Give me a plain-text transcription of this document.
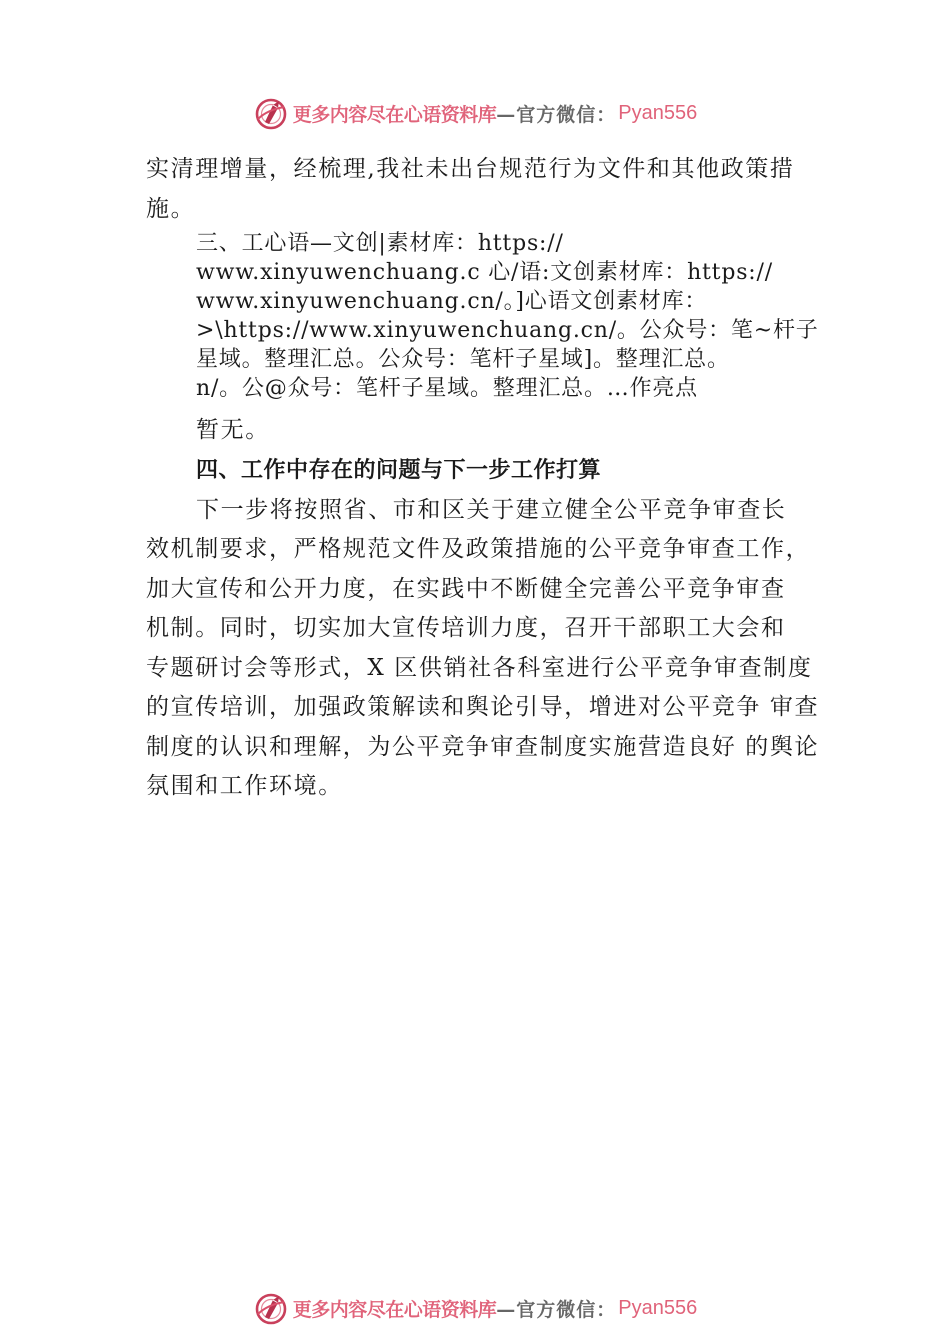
更多内容尽在心语资料库 —官方微信： Pyan556
实清理增量，经梳理,我社未出台规范行为文件和其他政策措
施。
三、工心语—文创|素材库：https://
www.xinyuwenchuang.c 心/语:文创素材库：https://
www.xinyuwenchuang.cn/。]心语文创素材库：
>\https://www.xinyuwenchuang.cn/。公众号：笔~杆子
星域。整理汇总。公众号：笔杆子星域]。整理汇总。
n/。公@众号：笔杆子星域。整理汇总。…作亮点
暂无。
四、工作中存在的问题与下一步工作打算
下一步将按照省、市和区关于建立健全公平竞争审查长
效机制要求，严格规范文件及政策措施的公平竞争审查工作，
加大宣传和公开力度，在实践中不断健全完善公平竞争审查
机制。同时，切实加大宣传培训力度，召开干部职工大会和
专题研讨会等形式，X 区供销社各科室进行公平竞争审查制度
的宣传培训，加强政策解读和舆论引导，增进对公平竞争 审查
制度的认识和理解，为公平竞争审查制度实施营造良好 的舆论
氛围和工作环境。
更多内容尽在心语资料库 —官方微信： Pyan556
